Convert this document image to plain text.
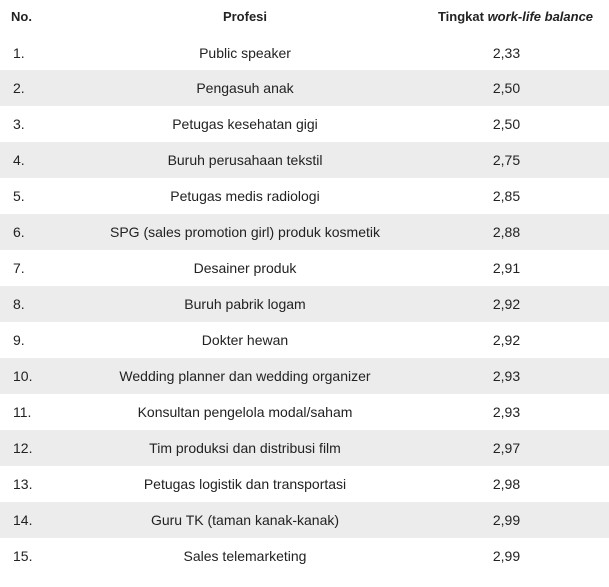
No.	Profesi	Tingkat work-life balance
1.	Public speaker	2,33
2.	Pengasuh anak	2,50
3.	Petugas kesehatan gigi	2,50
4.	Buruh perusahaan tekstil	2,75
5.	Petugas medis radiologi	2,85
6.	SPG (sales promotion girl) produk kosmetik	2,88
7.	Desainer produk	2,91
8.	Buruh pabrik logam	2,92
9.	Dokter hewan	2,92
10.	Wedding planner dan wedding organizer	2,93
11.	Konsultan pengelola modal/saham	2,93
12.	Tim produksi dan distribusi film	2,97
13.	Petugas logistik dan transportasi	2,98
14.	Guru TK (taman kanak-kanak)	2,99
15.	Sales telemarketing	2,99
